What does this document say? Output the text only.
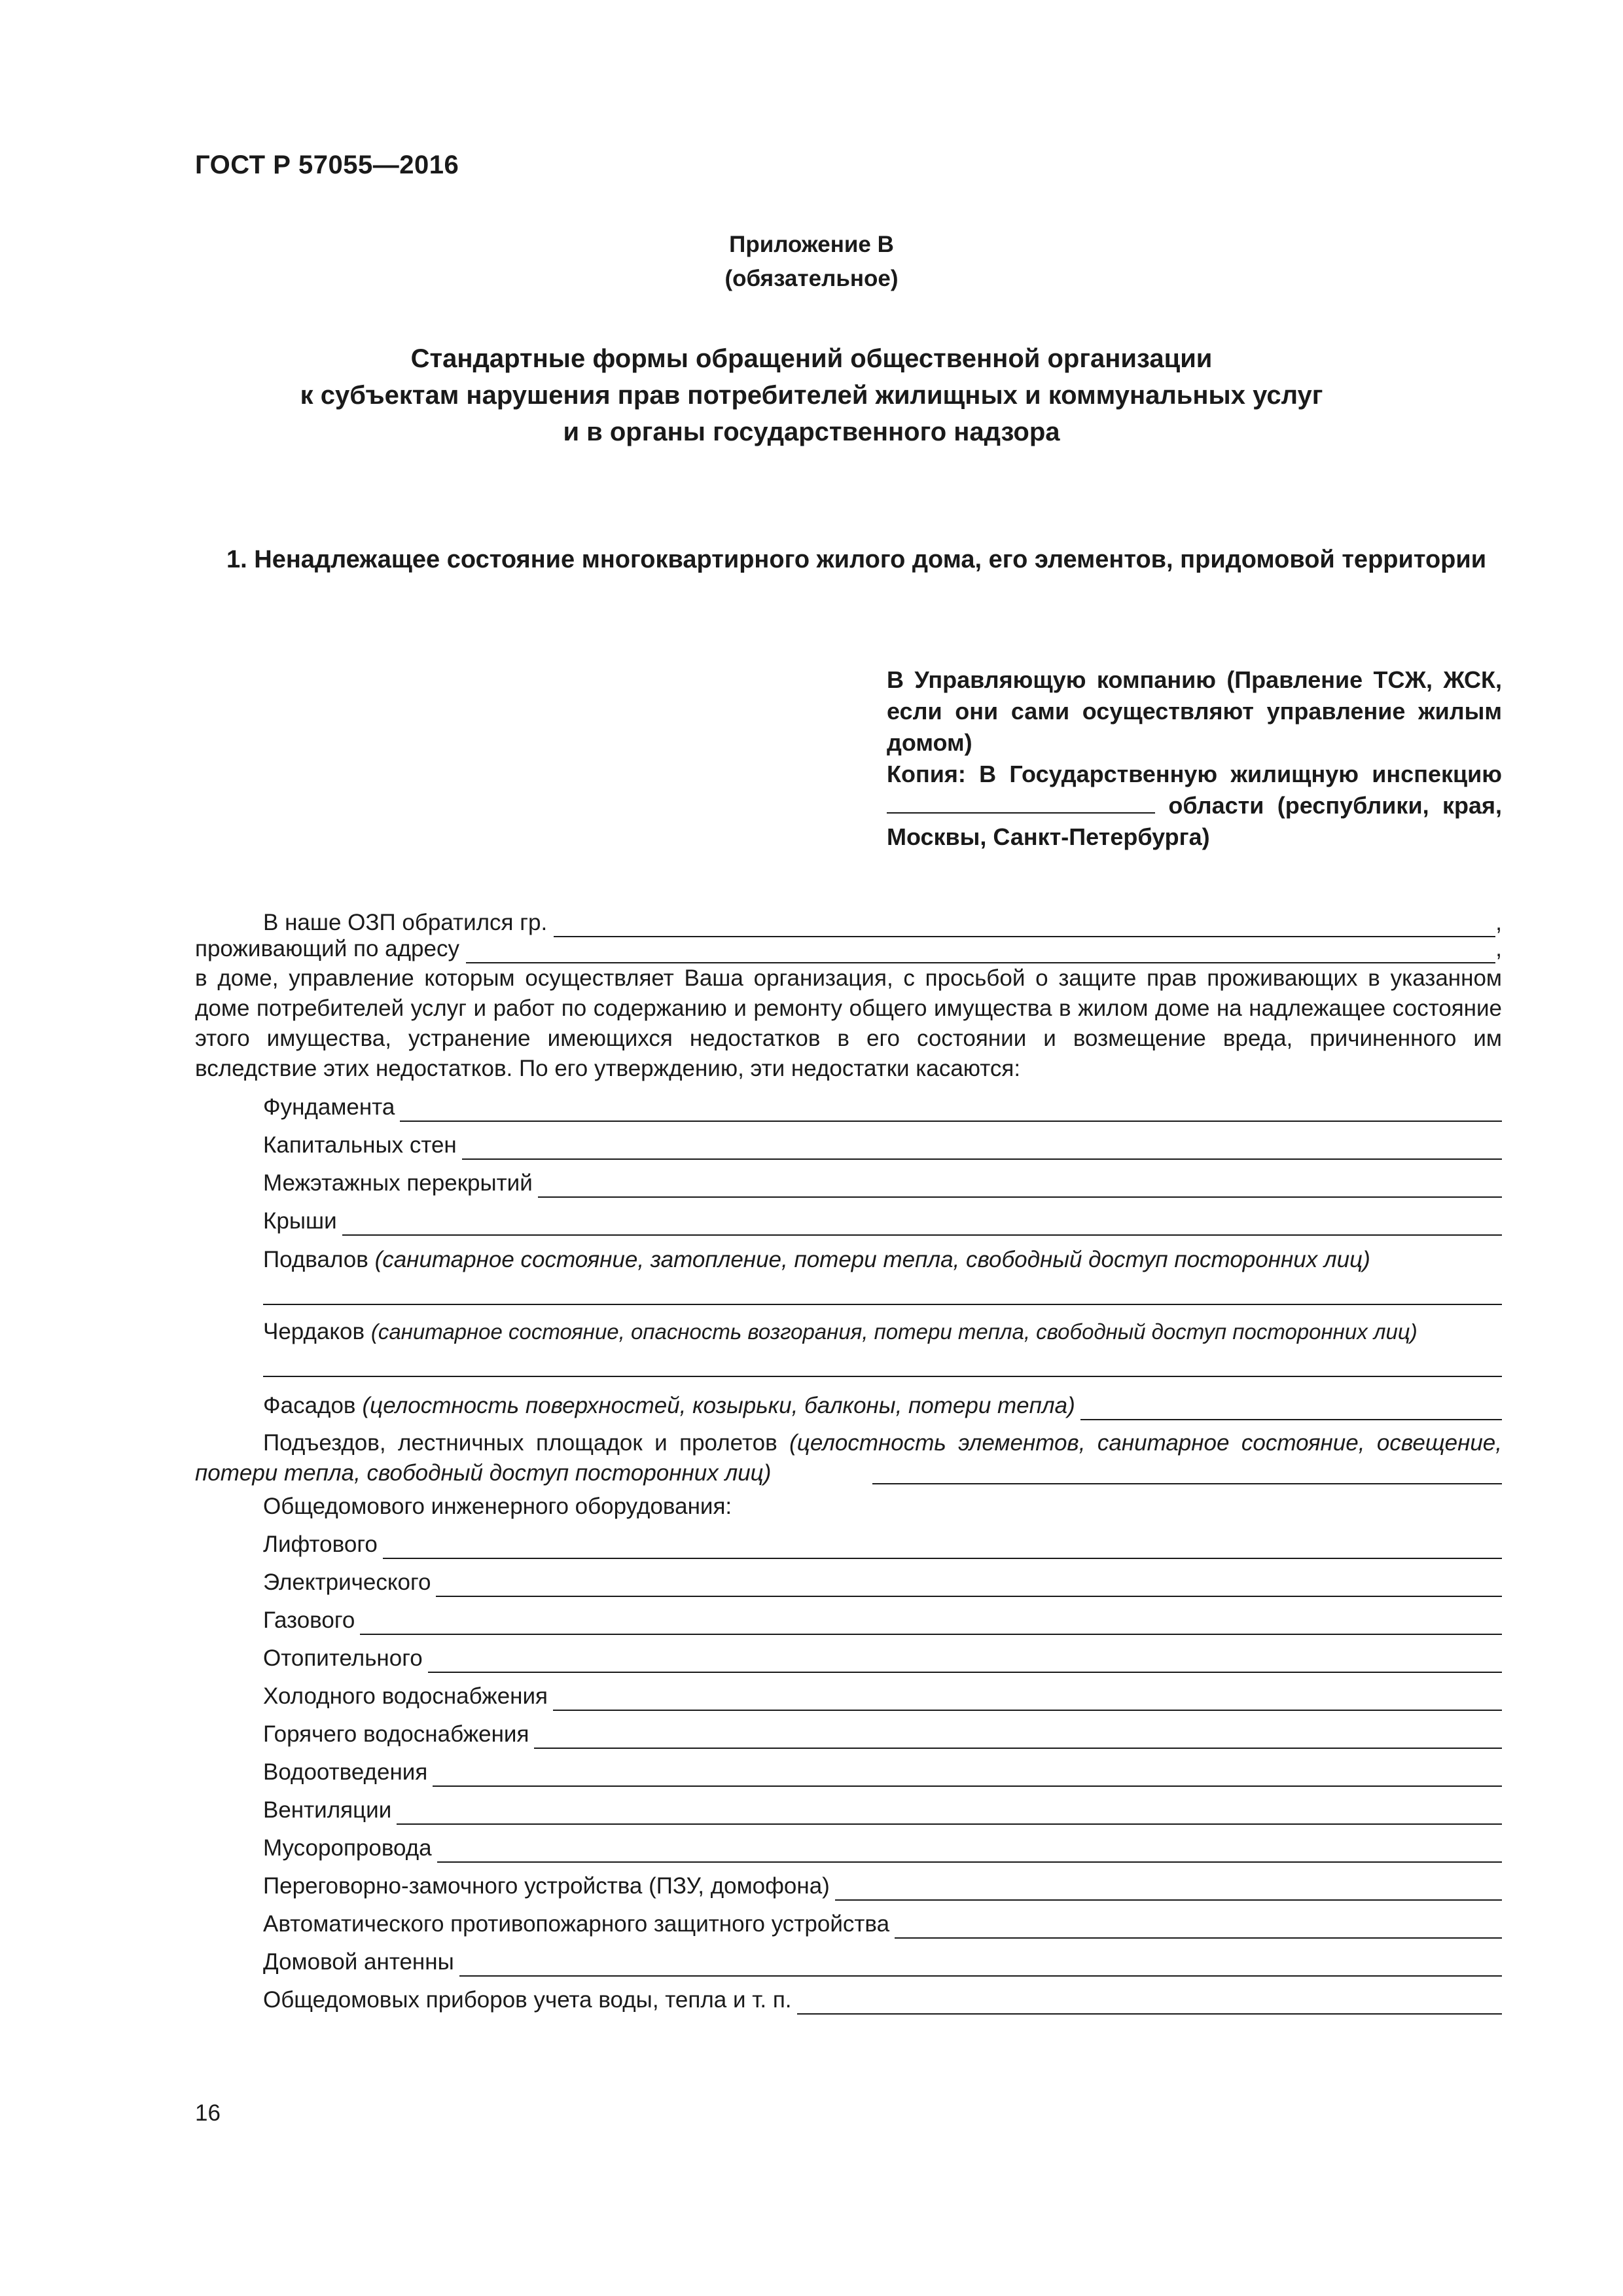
ГОСТ Р 57055—2016
Приложение В
(обязательное)
Стандартные формы обращений общественной организации
к субъектам нарушения прав потребителей жилищных и коммунальных услуг
и в органы государственного надзора
1. Ненадлежащее состояние многоквартирного жилого дома, его элементов, придомовой территории
В Управляющую компанию (Правление ТСЖ, ЖСК, если они сами осуществляют управление жилым домом)
Копия: В Государственную жилищную инспекцию  области (республики, края, Москвы, Санкт-Петербурга)
В наше ОЗП обратился гр.	,
проживающий по адресу	,
в доме, управление которым осуществляет Ваша организация, с просьбой о защите прав проживающих в указанном доме потребителей услуг и работ по содержанию и ремонту общего имущества в жилом доме на надлежащее состояние этого имущества, устранение имеющихся недостатков в его состоянии и возмещение вреда, причиненного им вследствие этих недостатков. По его утверждению, эти недостатки касаются:
Фундамента
Капитальных стен
Межэтажных перекрытий
Крыши
Подвалов (санитарное состояние, затопление, потери тепла, свободный доступ посторонних лиц)
Чердаков (санитарное состояние, опасность возгорания, потери тепла, свободный доступ посторонних лиц)
Фасадов (целостность поверхностей, козырьки, балконы, потери тепла)
Подъездов, лестничных площадок и пролетов (целостность элементов, санитарное состояние, освещение, потери тепла, свободный доступ посторонних лиц)
Общедомового инженерного оборудования:
Лифтового
Электрического
Газового
Отопительного
Холодного водоснабжения
Горячего водоснабжения
Водоотведения
Вентиляции
Мусоропровода
Переговорно-замочного устройства (ПЗУ, домофона)
Автоматического противопожарного защитного устройства
Домовой антенны
Общедомовых приборов учета воды, тепла и т. п.
16
